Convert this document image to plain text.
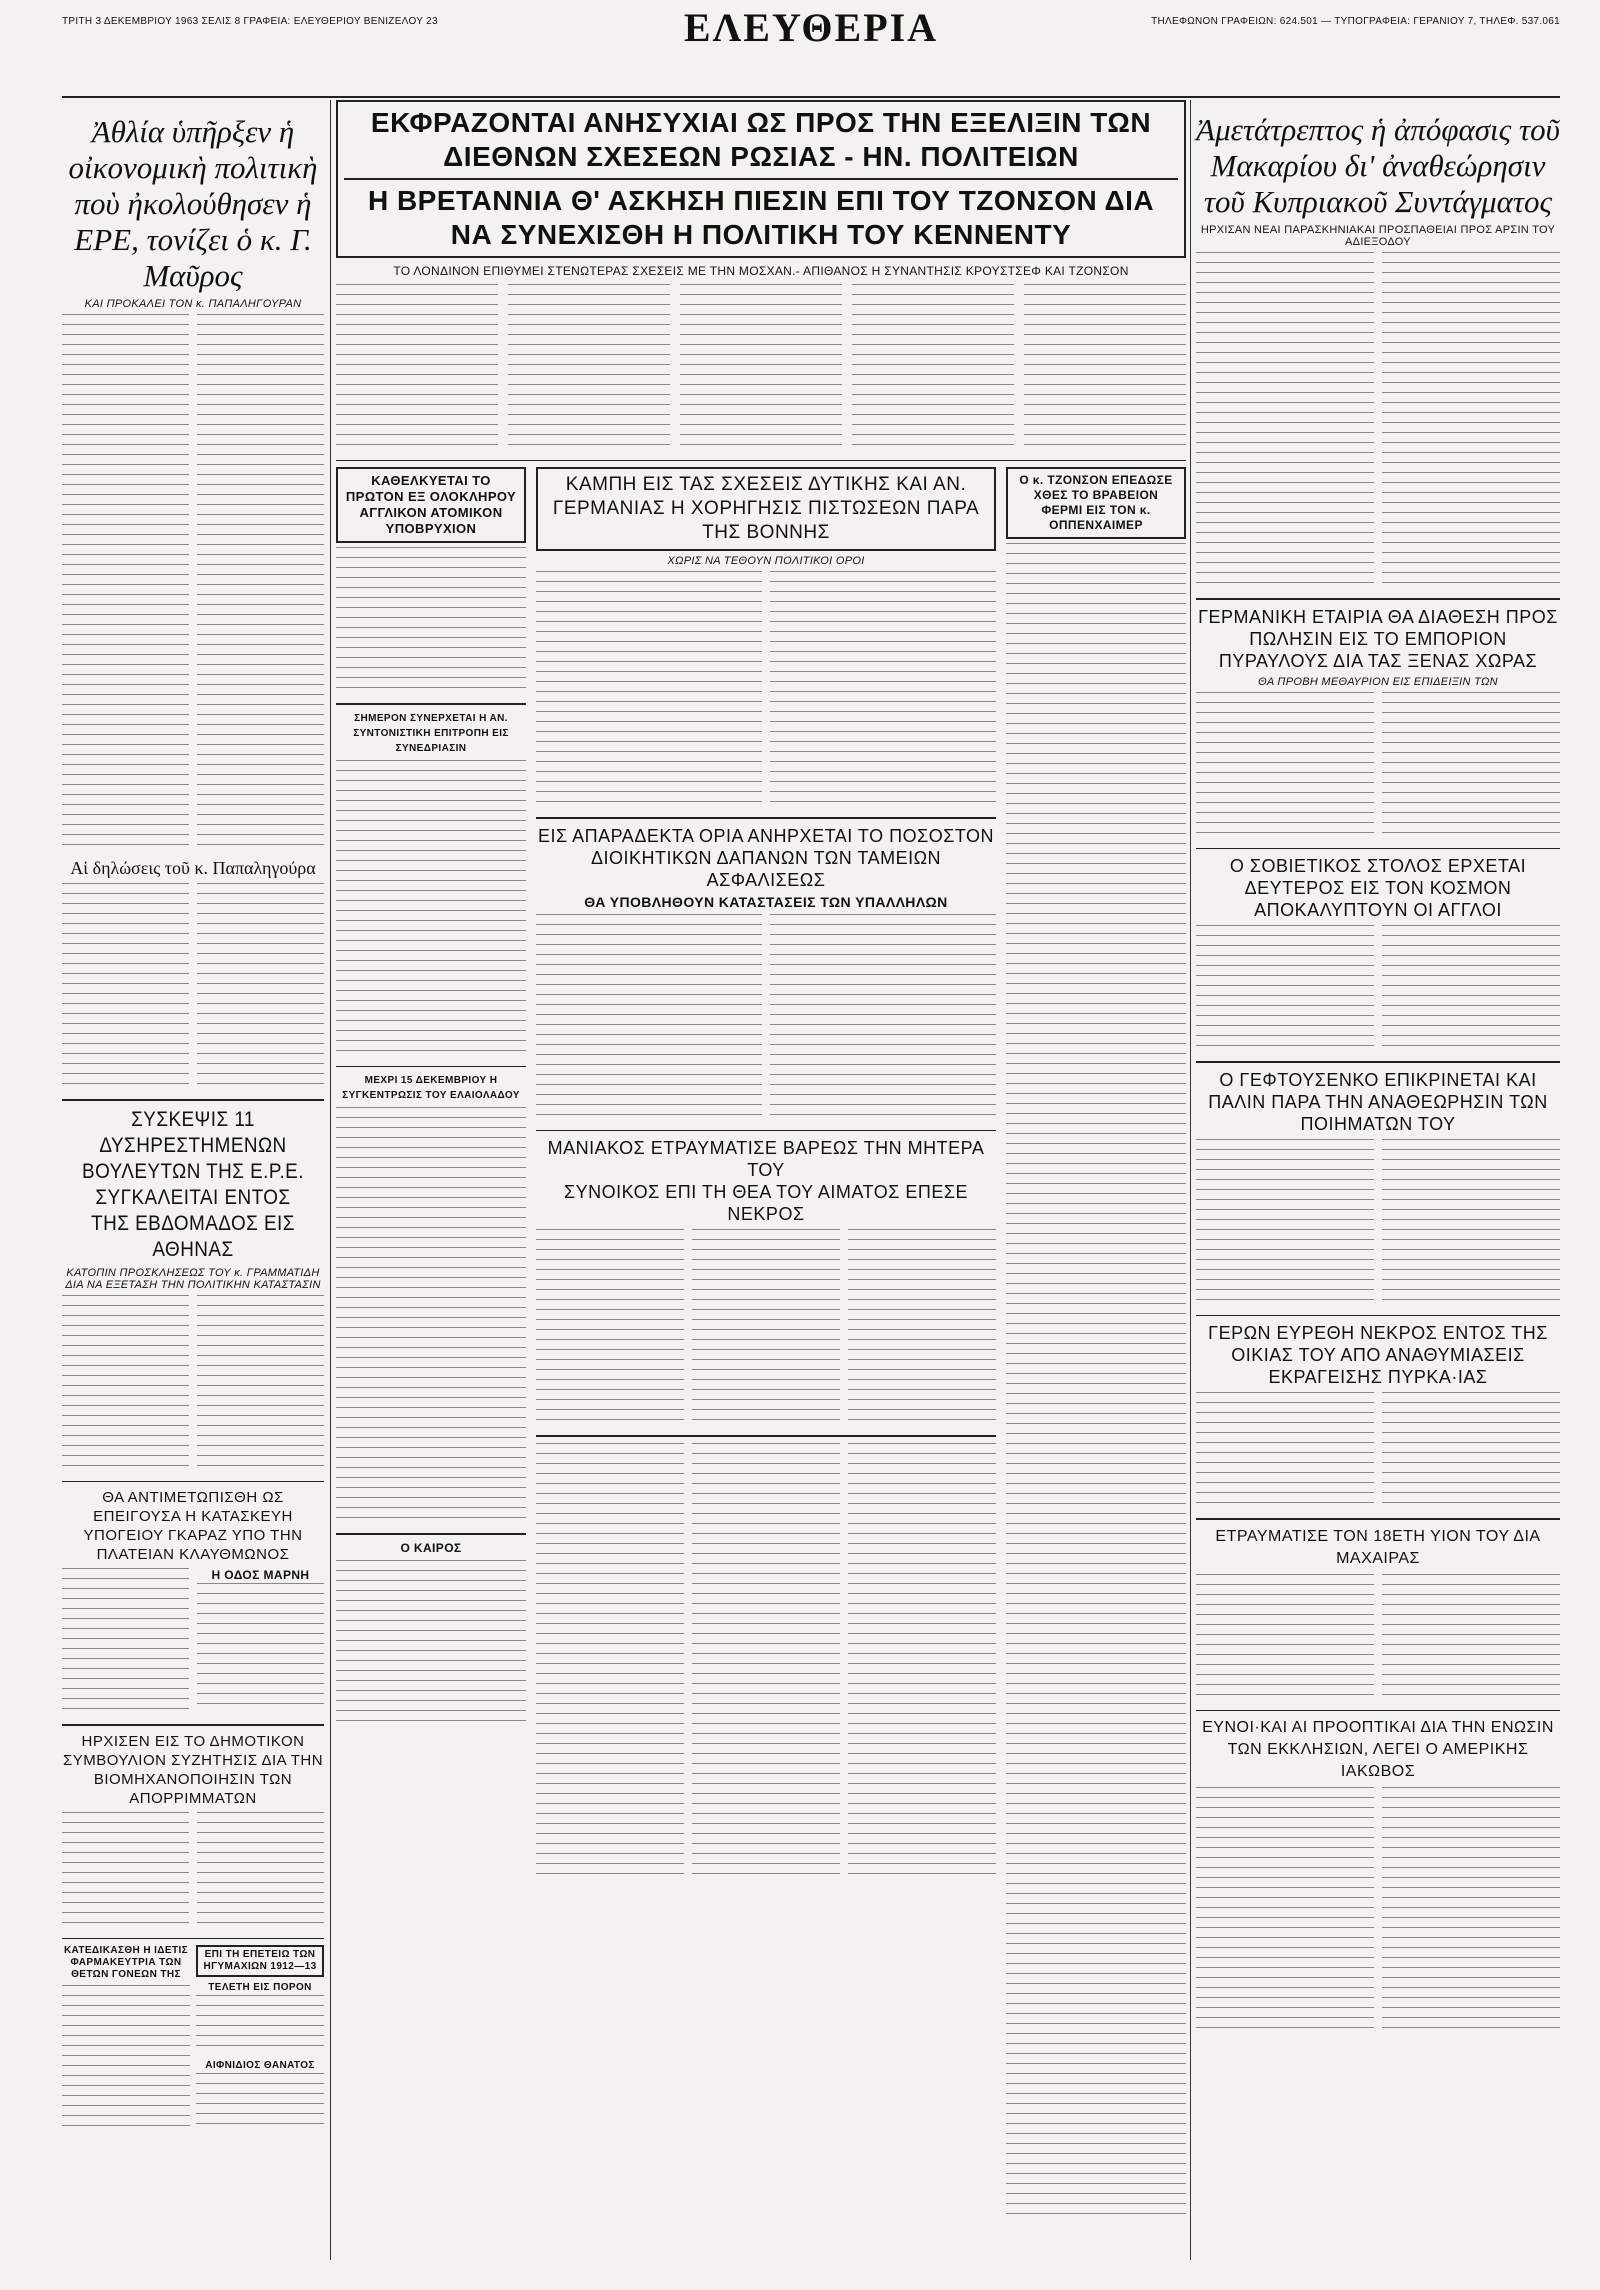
ΤΡΙΤΗ 3 ΔΕΚΕΜΒΡΙΟΥ 1963 ΣΕΛΙΣ 8 ΓΡΑΦΕΙΑ: ΕΛΕΥΘΕΡΙΟΥ ΒΕΝΙΖΕΛΟΥ 23	ΕΛΕΥΘΕΡΙΑ	ΤΗΛΕΦΩΝΟΝ ΓΡΑΦΕΙΩΝ: 624.501 — ΤΥΠΟΓΡΑΦΕΙΑ: ΓΕΡΑΝΙΟΥ 7, ΤΗΛΕΦ. 537.061
Ἀθλία ὑπῆρξεν ἡ οἰκονομικὴ πολιτικὴ ποὺ ἠκολούθησεν ἡ ΕΡΕ, τονίζει ὁ κ. Γ. Μαῦρος
ΚΑΙ ΠΡΟΚΑΛΕΙ ΤΟΝ κ. ΠΑΠΑΛΗΓΟΥΡΑΝ
Αἱ δηλώσεις τοῦ κ. Παπαληγούρα
ΣΥΣΚΕΨΙΣ 11 ΔΥΣΗΡΕΣΤΗΜΕΝΩΝ ΒΟΥΛΕΥΤΩΝ ΤΗΣ Ε.Ρ.Ε. ΣΥΓΚΑΛΕΙΤΑΙ ΕΝΤΟΣ ΤΗΣ ΕΒΔΟΜΑΔΟΣ ΕΙΣ ΑΘΗΝΑΣ
ΚΑΤΟΠΙΝ ΠΡΟΣΚΛΗΣΕΩΣ ΤΟΥ κ. ΓΡΑΜΜΑΤΙΔΗ ΔΙΑ ΝΑ ΕΞΕΤΑΣΗ ΤΗΝ ΠΟΛΙΤΙΚΗΝ ΚΑΤΑΣΤΑΣΙΝ
ΘΑ ΑΝΤΙΜΕΤΩΠΙΣΘΗ ΩΣ ΕΠΕΙΓΟΥΣΑ Η ΚΑΤΑΣΚΕΥΗ ΥΠΟΓΕΙΟΥ ΓΚΑΡΑΖ ΥΠΟ ΤΗΝ ΠΛΑΤΕΙΑΝ ΚΛΑΥΘΜΩΝΟΣ
Η ΟΔΟΣ ΜΑΡΝΗ
ΗΡΧΙΣΕΝ ΕΙΣ ΤΟ ΔΗΜΟΤΙΚΟΝ ΣΥΜΒΟΥΛΙΟΝ ΣΥΖΗΤΗΣΙΣ ΔΙΑ ΤΗΝ ΒΙΟΜΗΧΑΝΟΠΟΙΗΣΙΝ ΤΩΝ ΑΠΟΡΡΙΜΜΑΤΩΝ
ΚΑΤΕΔΙΚΑΣΘΗ Η ΙΔΕΤΙΣ ΦΑΡΜΑΚΕΥΤΡΙΑ ΤΩΝ ΘΕΤΩΝ ΓΟΝΕΩΝ ΤΗΣ
ΕΠΙ ΤΗ ΕΠΕΤΕΙΩ ΤΩΝ ΗΓΥΜΑΧΙΩΝ 1912—13
ΤΕΛΕΤΗ ΕΙΣ ΠΟΡΟΝ
ΑΙΦΝΙΔΙΟΣ ΘΑΝΑΤΟΣ
ΕΚΦΡΑΖΟΝΤΑΙ ΑΝΗΣΥΧΙΑΙ ΩΣ ΠΡΟΣ ΤΗΝ ΕΞΕΛΙΞΙΝ ΤΩΝ ΔΙΕΘΝΩΝ ΣΧΕΣΕΩΝ ΡΩΣΙΑΣ - ΗΝ. ΠΟΛΙΤΕΙΩΝ
Η ΒΡΕΤΑΝΝΙΑ Θ' ΑΣΚΗΣΗ ΠΙΕΣΙΝ ΕΠΙ ΤΟΥ ΤΖΟΝΣΟΝ ΔΙΑ ΝΑ ΣΥΝΕΧΙΣΘΗ Η ΠΟΛΙΤΙΚΗ ΤΟΥ ΚΕΝΝΕΝΤΥ
ΤΟ ΛΟΝΔΙΝΟΝ ΕΠΙΘΥΜΕΙ ΣΤΕΝΩΤΕΡΑΣ ΣΧΕΣΕΙΣ ΜΕ ΤΗΝ ΜΟΣΧΑΝ.- ΑΠΙΘΑΝΟΣ Η ΣΥΝΑΝΤΗΣΙΣ ΚΡΟΥΣΤΣΕΦ ΚΑΙ ΤΖΟΝΣΟΝ
ΚΑΘΕΛΚΥΕΤΑΙ ΤΟ ΠΡΩΤΟΝ ΕΞ ΟΛΟΚΛΗΡΟΥ ΑΓΓΛΙΚΟΝ ΑΤΟΜΙΚΟΝ ΥΠΟΒΡΥΧΙΟΝ
ΣΗΜΕΡΟΝ ΣΥΝΕΡΧΕΤΑΙ Η ΑΝ. ΣΥΝΤΟΝΙΣΤΙΚΗ ΕΠΙΤΡΟΠΗ ΕΙΣ ΣΥΝΕΔΡΙΑΣΙΝ
ΜΕΧΡΙ 15 ΔΕΚΕΜΒΡΙΟΥ Η ΣΥΓΚΕΝΤΡΩΣΙΣ ΤΟΥ ΕΛΑΙΟΛΑΔΟΥ
Ο ΚΑΙΡΟΣ
ΚΑΜΠΗ ΕΙΣ ΤΑΣ ΣΧΕΣΕΙΣ ΔΥΤΙΚΗΣ ΚΑΙ ΑΝ. ΓΕΡΜΑΝΙΑΣ Η ΧΟΡΗΓΗΣΙΣ ΠΙΣΤΩΣΕΩΝ ΠΑΡΑ ΤΗΣ ΒΟΝΝΗΣ
ΧΩΡΙΣ ΝΑ ΤΕΘΟΥΝ ΠΟΛΙΤΙΚΟΙ ΟΡΟΙ
ΕΙΣ ΑΠΑΡΑΔΕΚΤΑ ΟΡΙΑ ΑΝΗΡΧΕΤΑΙ ΤΟ ΠΟΣΟΣΤΟΝ ΔΙΟΙΚΗΤΙΚΩΝ ΔΑΠΑΝΩΝ ΤΩΝ ΤΑΜΕΙΩΝ ΑΣΦΑΛΙΣΕΩΣ
ΘΑ ΥΠΟΒΛΗΘΟΥΝ ΚΑΤΑΣΤΑΣΕΙΣ ΤΩΝ ΥΠΑΛΛΗΛΩΝ
ΜΑΝΙΑΚΟΣ ΕΤΡΑΥΜΑΤΙΣΕ ΒΑΡΕΩΣ ΤΗΝ ΜΗΤΕΡΑ ΤΟΥ
ΣΥΝΟΙΚΟΣ ΕΠΙ ΤΗ ΘΕΑ ΤΟΥ ΑΙΜΑΤΟΣ ΕΠΕΣΕ ΝΕΚΡΟΣ
Ο κ. ΤΖΟΝΣΟΝ ΕΠΕΔΩΣΕ ΧΘΕΣ ΤΟ ΒΡΑΒΕΙΟΝ ΦΕΡΜΙ ΕΙΣ ΤΟΝ κ. ΟΠΠΕΝΧΑΙΜΕΡ
Ἀμετάτρεπτος ἡ ἀπόφασις τοῦ Μακαρίου δι' ἀναθεώρησιν τοῦ Κυπριακοῦ Συντάγματος
ΗΡΧΙΣΑΝ ΝΕΑΙ ΠΑΡΑΣΚΗΝΙΑΚΑΙ ΠΡΟΣΠΑΘΕΙΑΙ ΠΡΟΣ ΑΡΣΙΝ ΤΟΥ ΑΔΙΕΞΟΔΟΥ
ΓΕΡΜΑΝΙΚΗ ΕΤΑΙΡΙΑ ΘΑ ΔΙΑΘΕΣΗ ΠΡΟΣ ΠΩΛΗΣΙΝ ΕΙΣ ΤΟ ΕΜΠΟΡΙΟΝ ΠΥΡΑΥΛΟΥΣ ΔΙΑ ΤΑΣ ΞΕΝΑΣ ΧΩΡΑΣ
ΘΑ ΠΡΟΒΗ ΜΕΘΑΥΡΙΟΝ ΕΙΣ ΕΠΙΔΕΙΞΙΝ ΤΩΝ
Ο ΣΟΒΙΕΤΙΚΟΣ ΣΤΟΛΟΣ ΕΡΧΕΤΑΙ ΔΕΥΤΕΡΟΣ ΕΙΣ ΤΟΝ ΚΟΣΜΟΝ ΑΠΟΚΑΛΥΠΤΟΥΝ ΟΙ ΑΓΓΛΟΙ
Ο ΓΕΦΤΟΥΣΕΝΚΟ ΕΠΙΚΡΙΝΕΤΑΙ ΚΑΙ ΠΑΛΙΝ ΠΑΡΑ ΤΗΝ ΑΝΑΘΕΩΡΗΣΙΝ ΤΩΝ ΠΟΙΗΜΑΤΩΝ ΤΟΥ
ΓΕΡΩΝ ΕΥΡΕΘΗ ΝΕΚΡΟΣ ΕΝΤΟΣ ΤΗΣ ΟΙΚΙΑΣ ΤΟΥ ΑΠΟ ΑΝΑΘΥΜΙΑΣΕΙΣ ΕΚΡΑΓΕΙΣΗΣ ΠΥΡΚΑ·ΙΑΣ
ΕΤΡΑΥΜΑΤΙΣΕ ΤΟΝ 18ΕΤΗ ΥΙΟΝ ΤΟΥ ΔΙΑ ΜΑΧΑΙΡΑΣ
ΕΥΝΟΙ·ΚΑΙ ΑΙ ΠΡΟΟΠΤΙΚΑΙ ΔΙΑ ΤΗΝ ΕΝΩΣΙΝ ΤΩΝ ΕΚΚΛΗΣΙΩΝ, ΛΕΓΕΙ Ο ΑΜΕΡΙΚΗΣ ΙΑΚΩΒΟΣ
